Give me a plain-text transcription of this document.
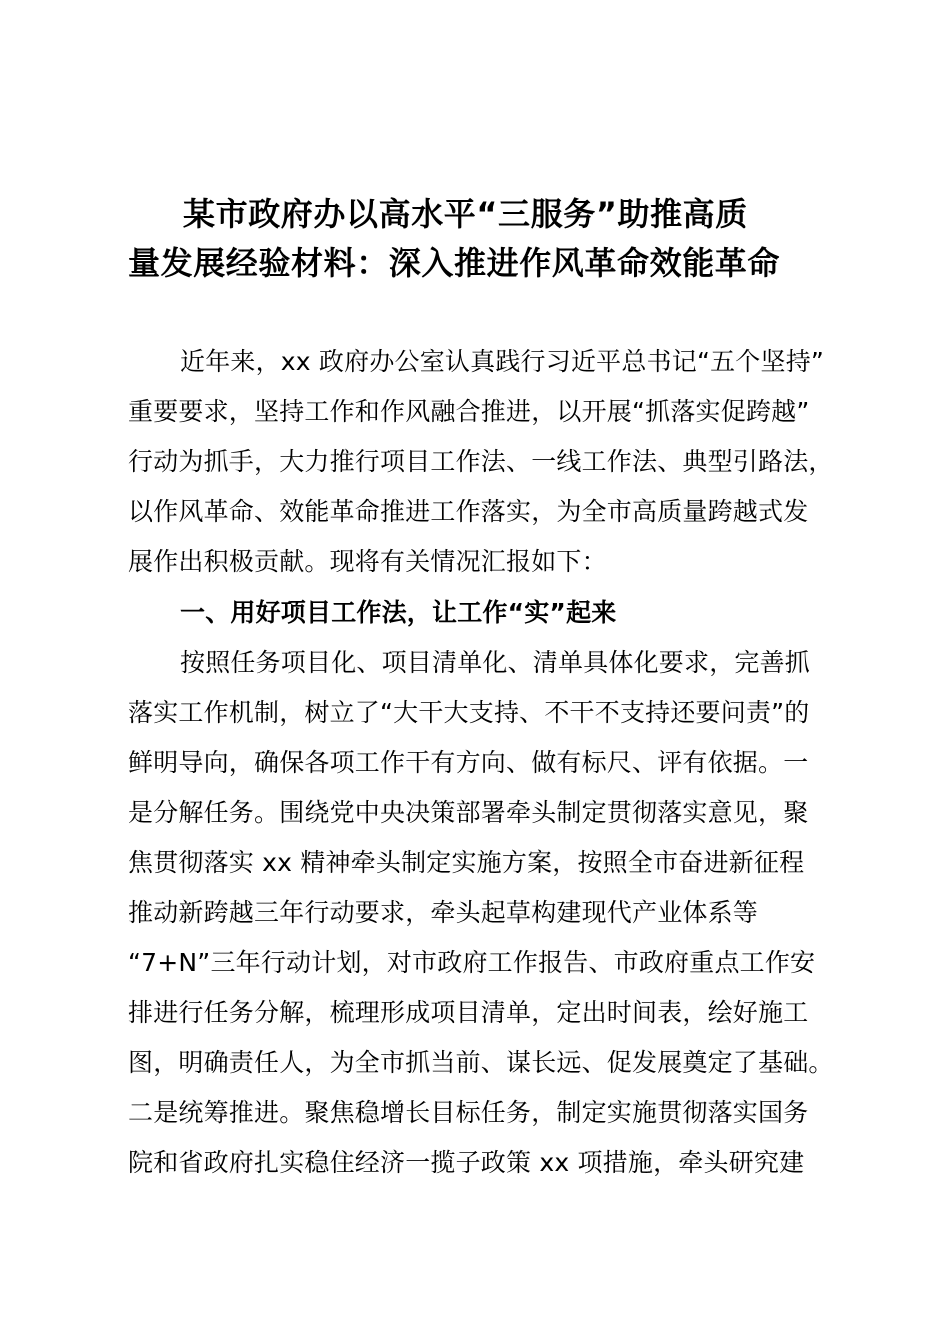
某市政府办以高水平“三服务”助推高质
量发展经验材料：深入推进作风革命效能革命
近年来，xx 政府办公室认真践行习近平总书记“五个坚持”
重要要求，坚持工作和作风融合推进，以开展“抓落实促跨越”
行动为抓手，大力推行项目工作法、一线工作法、典型引路法，
以作风革命、效能革命推进工作落实，为全市高质量跨越式发
展作出积极贡献。现将有关情况汇报如下：
一、用好项目工作法，让工作“实”起来
按照任务项目化、项目清单化、清单具体化要求，完善抓
落实工作机制，树立了“大干大支持、不干不支持还要问责”的
鲜明导向，确保各项工作干有方向、做有标尺、评有依据。一
是分解任务。围绕党中央决策部署牵头制定贯彻落实意见，聚
焦贯彻落实 xx 精神牵头制定实施方案，按照全市奋进新征程
推动新跨越三年行动要求，牵头起草构建现代产业体系等
“7+N”三年行动计划，对市政府工作报告、市政府重点工作安
排进行任务分解，梳理形成项目清单，定出时间表，绘好施工
图，明确责任人，为全市抓当前、谋长远、促发展奠定了基础。
二是统筹推进。聚焦稳增长目标任务，制定实施贯彻落实国务
院和省政府扎实稳住经济一揽子政策 xx 项措施，牵头研究建
